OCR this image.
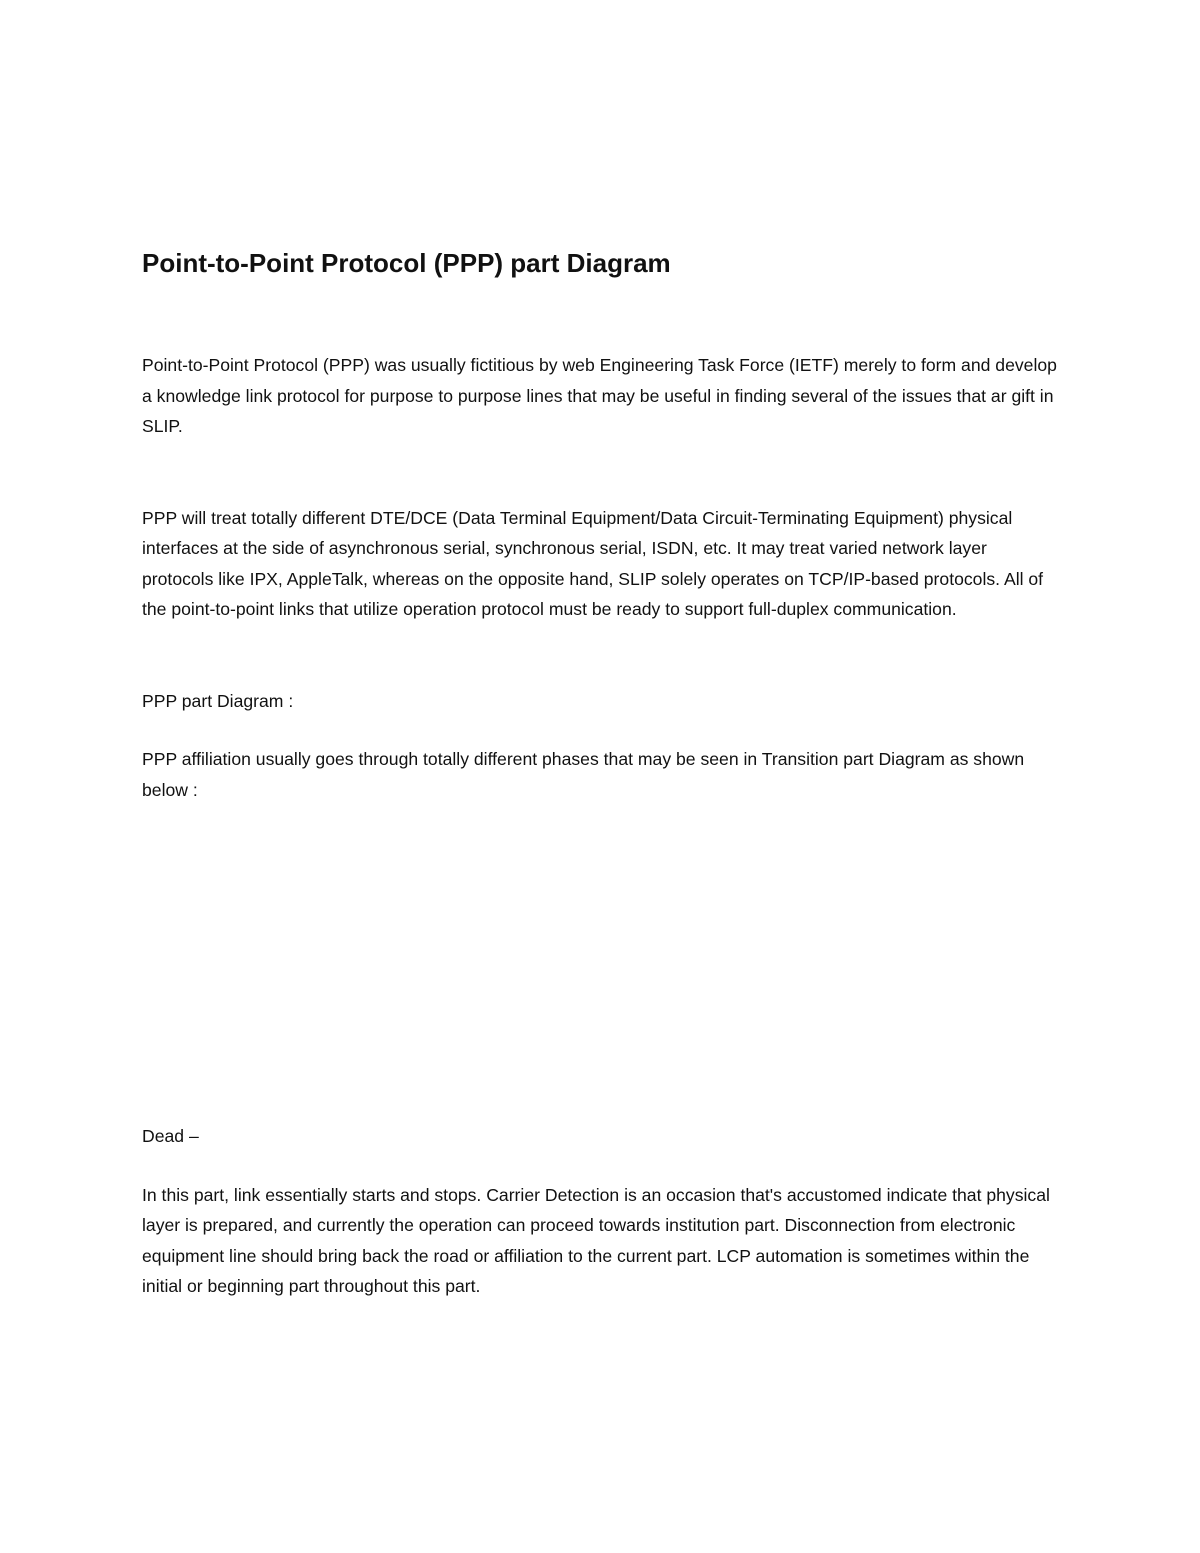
Point-to-Point Protocol (PPP) part Diagram

Point-to-Point Protocol (PPP) was usually fictitious by web Engineering Task Force (IETF) merely to form and develop a knowledge link protocol for purpose to purpose lines that may be useful in finding several of the issues that ar gift in SLIP.

PPP will treat totally different DTE/DCE (Data Terminal Equipment/Data Circuit-Terminating Equipment) physical interfaces at the side of asynchronous serial, synchronous serial, ISDN, etc. It may treat varied network layer protocols like IPX, AppleTalk, whereas on the opposite hand, SLIP solely operates on TCP/IP-based protocols. All of the point-to-point links that utilize operation protocol must be ready to support full-duplex communication.

PPP part Diagram :

PPP affiliation usually goes through totally different phases that may be seen in Transition part Diagram as shown below :

Dead –

In this part, link essentially starts and stops. Carrier Detection is an occasion that's accustomed indicate that physical layer is prepared, and currently the operation can proceed towards institution part. Disconnection from electronic equipment line should bring back the road or affiliation to the current part. LCP automation is sometimes within the initial or beginning part throughout this part.
